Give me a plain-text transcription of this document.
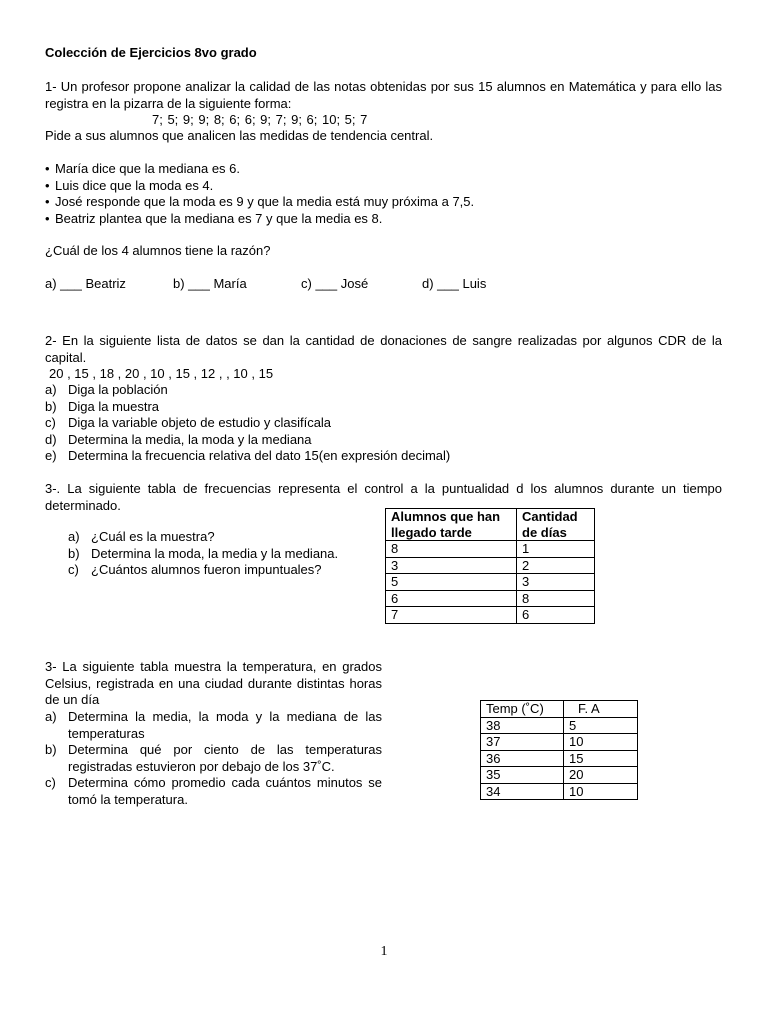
Colección de Ejercicios 8vo grado
1- Un profesor propone analizar la calidad de las notas obtenidas por sus 15 alumnos en Matemática y para ello las registra en la pizarra de la siguiente forma:
7; 5; 9; 9; 8; 6; 6; 9; 7; 9; 6; 10; 5; 7
Pide a sus alumnos que analicen las medidas de tendencia central.
• María dice que la mediana es 6.
• Luis dice que la moda es 4.
• José responde que la moda es 9 y que la media está muy próxima a 7,5.
• Beatriz plantea que la mediana es 7 y que la media es 8.
¿Cuál de los 4 alumnos tiene la razón?
a) ___ Beatriz	b) ___ María	c) ___ José	d) ___ Luis
2- En la siguiente lista de datos se dan la cantidad de donaciones de sangre realizadas por algunos CDR de la capital.
20 , 15 , 18 , 20 , 10 , 15 , 12 , , 10 , 15
a) Diga la población
b) Diga la muestra
c) Diga la variable objeto de estudio y clasifícala
d) Determina la media, la moda y la mediana
e) Determina la frecuencia relativa del dato 15(en expresión decimal)
3-. La siguiente tabla de frecuencias representa el control a la puntualidad d los alumnos durante un tiempo determinado.
a) ¿Cuál es la muestra?
b) Determina la moda, la media y la mediana.
c) ¿Cuántos alumnos fueron impuntuales?
Alumnos que han llegado tarde	Cantidad de días
8	1
3	2
5	3
6	8
7	6
3- La siguiente tabla muestra la temperatura, en grados Celsius, registrada en una ciudad durante distintas horas de un día
a) Determina la media, la moda y la mediana de las temperaturas
b) Determina qué por ciento de las temperaturas registradas estuvieron por debajo de los 37˚C.
c) Determina cómo promedio cada cuántos minutos se tomó la temperatura.
Temp (˚C)	F. A
38	5
37	10
36	15
35	20
34	10
1
